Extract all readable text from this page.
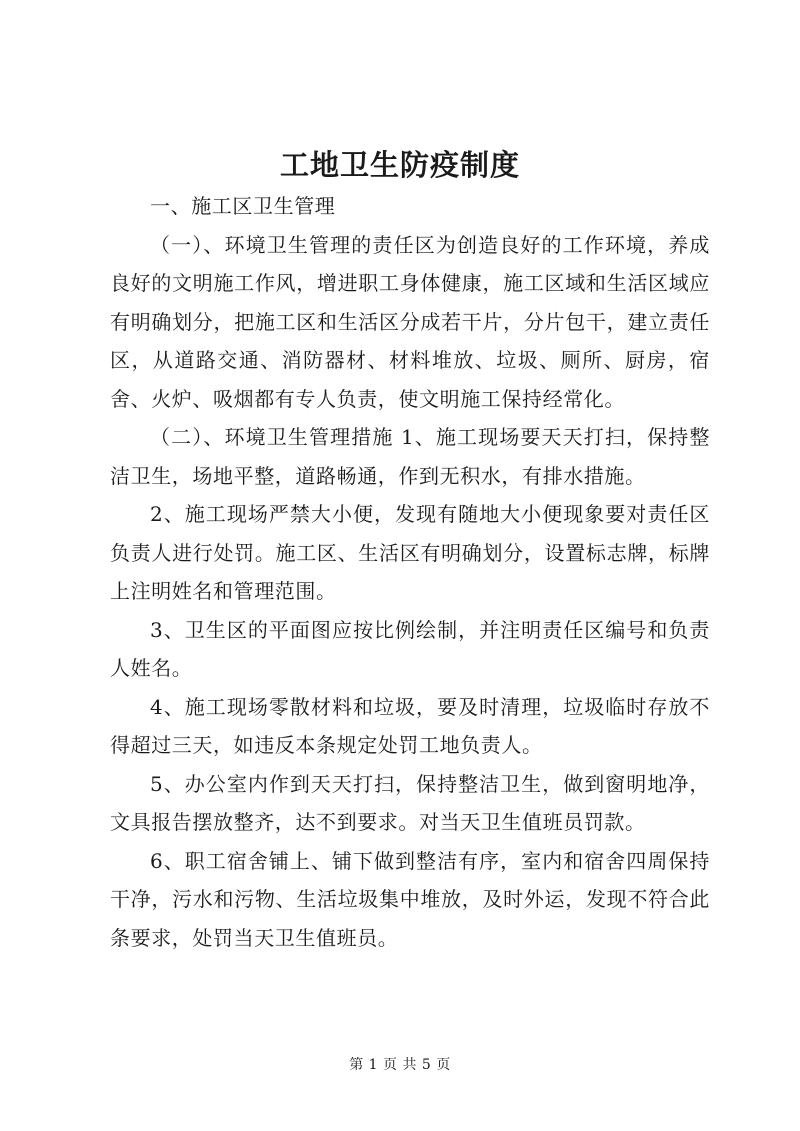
工地卫生防疫制度

一、施工区卫生管理

（一）、环境卫生管理的责任区为创造良好的工作环境，养成良好的文明施工作风，增进职工身体健康，施工区域和生活区域应有明确划分，把施工区和生活区分成若干片，分片包干，建立责任区，从道路交通、消防器材、材料堆放、垃圾、厕所、厨房，宿舍、火炉、吸烟都有专人负责，使文明施工保持经常化。

（二）、环境卫生管理措施 1、施工现场要天天打扫，保持整洁卫生，场地平整，道路畅通，作到无积水，有排水措施。

2、施工现场严禁大小便，发现有随地大小便现象要对责任区负责人进行处罚。施工区、生活区有明确划分，设置标志牌，标牌上注明姓名和管理范围。

3、卫生区的平面图应按比例绘制，并注明责任区编号和负责人姓名。

4、施工现场零散材料和垃圾，要及时清理，垃圾临时存放不得超过三天，如违反本条规定处罚工地负责人。

5、办公室内作到天天打扫，保持整洁卫生，做到窗明地净，文具报告摆放整齐，达不到要求。对当天卫生值班员罚款。

6、职工宿舍铺上、铺下做到整洁有序，室内和宿舍四周保持干净，污水和污物、生活垃圾集中堆放，及时外运，发现不符合此条要求，处罚当天卫生值班员。

第 1 页 共 5 页
